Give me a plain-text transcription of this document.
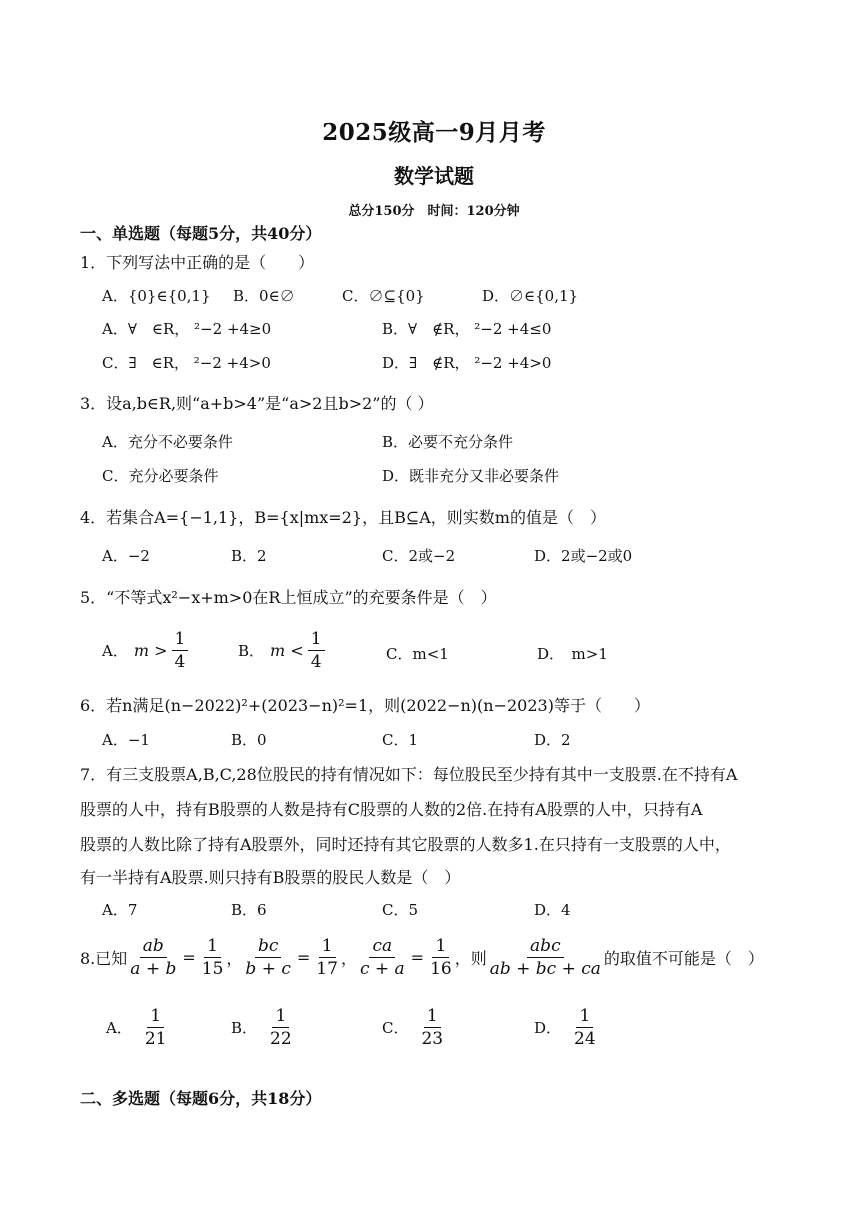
2025级高一9月月考
数学试题
总分150分　时间：120分钟
一、单选题（每题5分，共40分）
1．下列写法中正确的是（　　）
A．{0}∈{0,1} B．0∈∅	C．∅⊆{0}	D．∅∈{0,1}
A．∀　∈R， ²−2 +4≥0	B．∀　∉R， ²−2 +4≤0
C．∃　∈R， ²−2 +4>0	D．∃　∉R， ²−2 +4>0
3．设a,b∈R,则“a+b>4”是“a>2且b>2”的（ ）
A．充分不必要条件	B．必要不充分条件
C．充分必要条件	D．既非充分又非必要条件
4．若集合A={−1,1}，B={x|mx=2}，且B⊆A，则实数m的值是（　）
A．−2	B．2	C．2或−2	D．2或−2或0
5．“不等式x²−x+m>0在R上恒成立”的充要条件是（　）
A． $m > \frac{1}{4}$	B． $m < \frac{1}{4}$	C．m<1	D．　m>1
6．若n满足(n−2022)²+(2023−n)²=1，则(2022−n)(n−2023)等于（　　）
A．−1	B．0	C．1	D．2
7．有三支股票A,B,C,28位股民的持有情况如下：每位股民至少持有其中一支股票.在不持有A
股票的人中，持有B股票的人数是持有C股票的人数的2倍.在持有A股票的人中，只持有A
股票的人数比除了持有A股票外，同时还持有其它股票的人数多1.在只持有一支股票的人中，
有一半持有A股票.则只持有B股票的股民人数是（　）
A．7	B．6	C．5	D．4
8.已知 $\frac{ab}{a + b} = \frac{1}{15}$ ， $\frac{bc}{b + c} = \frac{1}{17}$ ， $\frac{ca}{c + a} = \frac{1}{16}$ ，则 $\frac{\text{abc}}{ab + bc + ca}$ 的取值不可能是（　）
A． $\frac{1}{21}$	B． $\frac{1}{22}$	C． $\frac{1}{23}$	D． $\frac{1}{24}$
二、多选题（每题6分，共18分）
